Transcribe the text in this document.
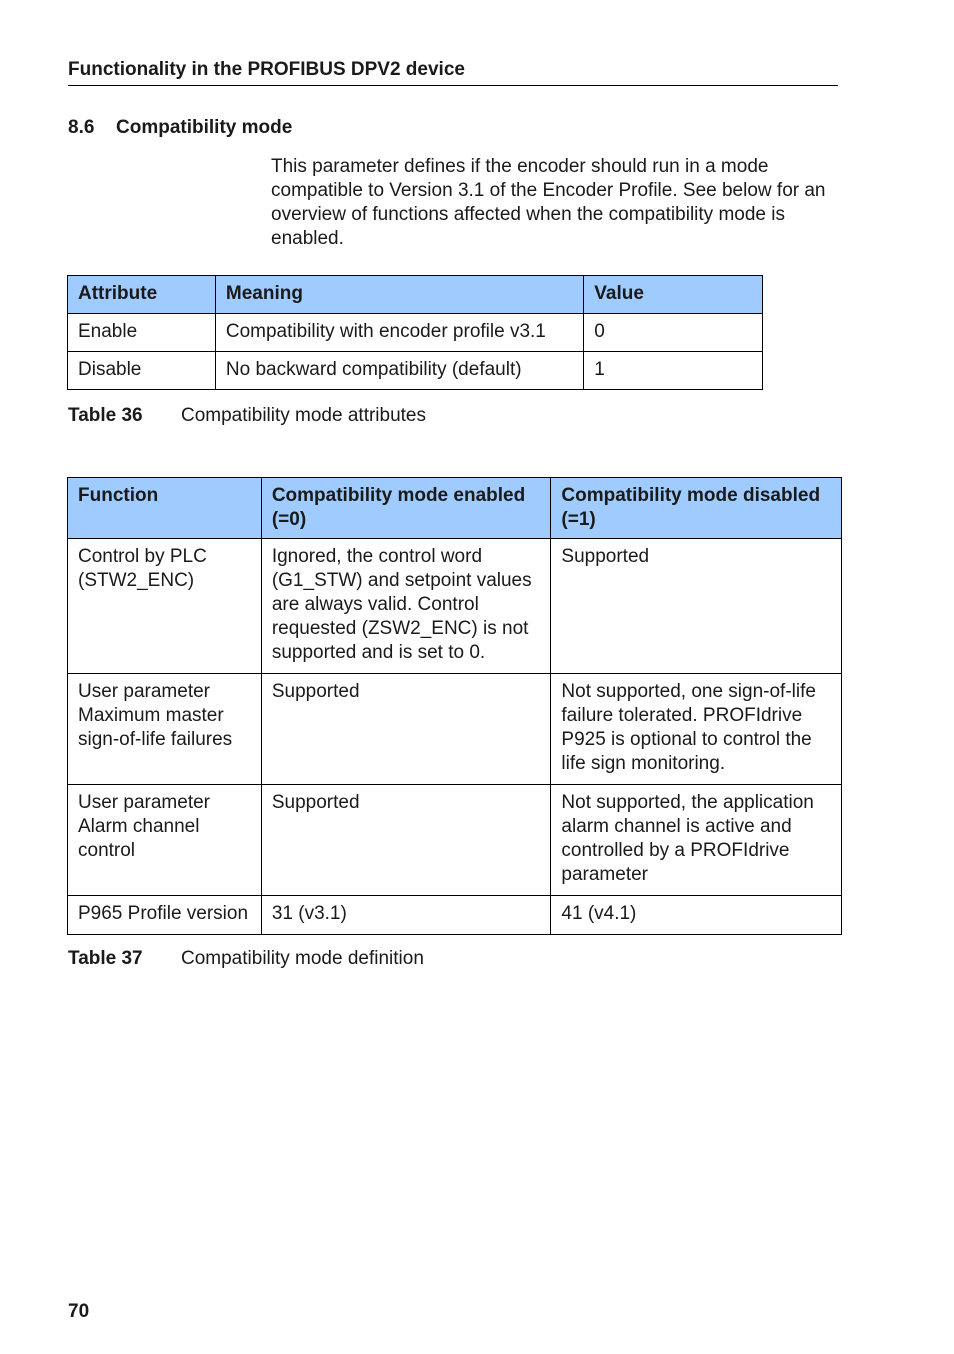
Functionality in the PROFIBUS DPV2 device
8.6 Compatibility mode
This parameter defines if the encoder should run in a mode compatible to Version 3.1 of the Encoder Profile. See below for an overview of functions affected when the compatibility mode is enabled.
Attribute	Meaning	Value
Enable	Compatibility with encoder profile v3.1	0
Disable	No backward compatibility (default)	1
Table 36 Compatibility mode attributes
Function	Compatibility mode enabled (=0)	Compatibility mode disabled (=1)
Control by PLC (STW2_ENC)	Ignored, the control word (G1_STW) and setpoint values are always valid. Control requested (ZSW2_ENC) is not supported and is set to 0.	Supported
User parameter Maximum master sign-of-life failures	Supported	Not supported, one sign-of-life failure tolerated. PROFIdrive P925 is optional to control the life sign monitoring.
User parameter Alarm channel control	Supported	Not supported, the application alarm channel is active and controlled by a PROFIdrive parameter
P965 Profile version	31 (v3.1)	41 (v4.1)
Table 37 Compatibility mode definition
70
